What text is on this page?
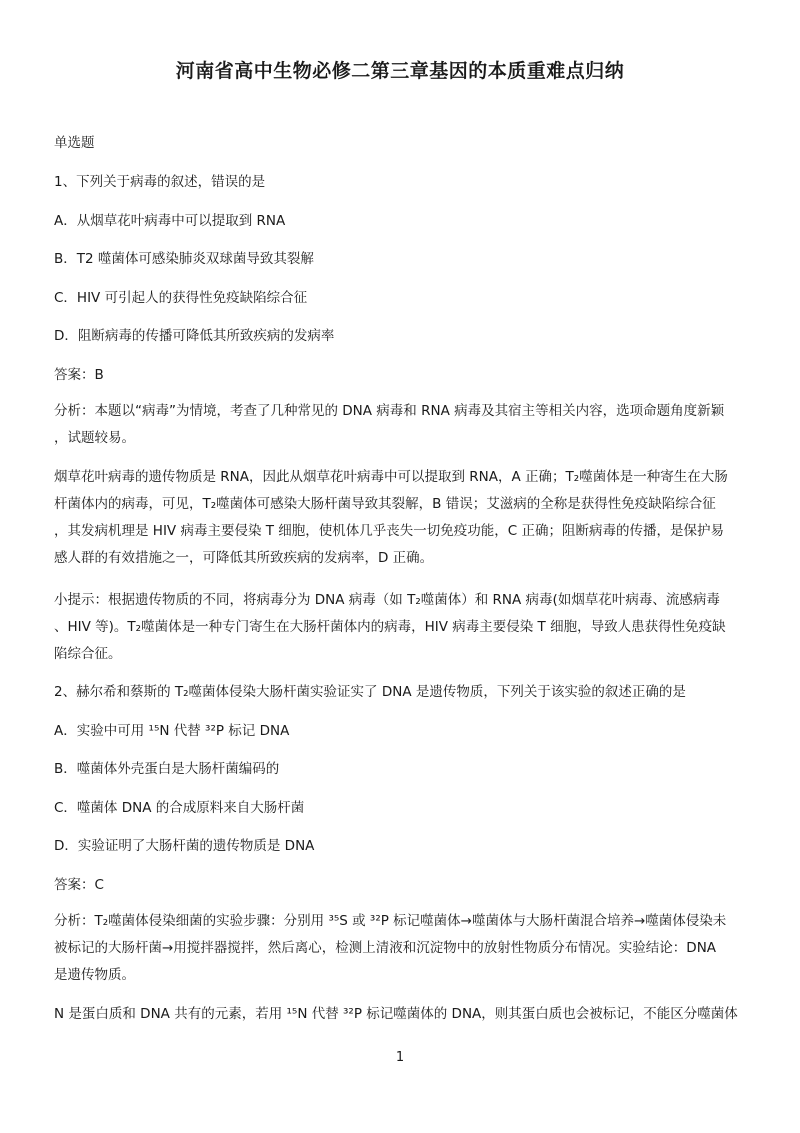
河南省高中生物必修二第三章基因的本质重难点归纳
单选题
1、下列关于病毒的叙述，错误的是
A．从烟草花叶病毒中可以提取到 RNA
B．T2 噬菌体可感染肺炎双球菌导致其裂解
C．HIV 可引起人的获得性免疫缺陷综合征
D．阻断病毒的传播可降低其所致疾病的发病率
答案：B
分析：本题以“病毒”为情境，考查了几种常见的 DNA 病毒和 RNA 病毒及其宿主等相关内容，选项命题角度新颖
，试题较易。
烟草花叶病毒的遗传物质是 RNA，因此从烟草花叶病毒中可以提取到 RNA，A 正确；T₂噬菌体是一种寄生在大肠
杆菌体内的病毒，可见，T₂噬菌体可感染大肠杆菌导致其裂解，B 错误；艾滋病的全称是获得性免疫缺陷综合征
，其发病机理是 HIV 病毒主要侵染 T 细胞，使机体几乎丧失一切免疫功能，C 正确；阻断病毒的传播，是保护易
感人群的有效措施之一，可降低其所致疾病的发病率，D 正确。
小提示：根据遗传物质的不同，将病毒分为 DNA 病毒（如 T₂噬菌体）和 RNA 病毒(如烟草花叶病毒、流感病毒
、HIV 等)。T₂噬菌体是一种专门寄生在大肠杆菌体内的病毒，HIV 病毒主要侵染 T 细胞，导致人患获得性免疫缺
陷综合征。
2、赫尔希和蔡斯的 T₂噬菌体侵染大肠杆菌实验证实了 DNA 是遗传物质，下列关于该实验的叙述正确的是
A．实验中可用 ¹⁵N 代替 ³²P 标记 DNA
B．噬菌体外壳蛋白是大肠杆菌编码的
C．噬菌体 DNA 的合成原料来自大肠杆菌
D．实验证明了大肠杆菌的遗传物质是 DNA
答案：C
分析：T₂噬菌体侵染细菌的实验步骤：分别用 ³⁵S 或 ³²P 标记噬菌体→噬菌体与大肠杆菌混合培养→噬菌体侵染未
被标记的大肠杆菌→用搅拌器搅拌，然后离心，检测上清液和沉淀物中的放射性物质分布情况。实验结论：DNA
是遗传物质。
N 是蛋白质和 DNA 共有的元素，若用 ¹⁵N 代替 ³²P 标记噬菌体的 DNA，则其蛋白质也会被标记，不能区分噬菌体
1
